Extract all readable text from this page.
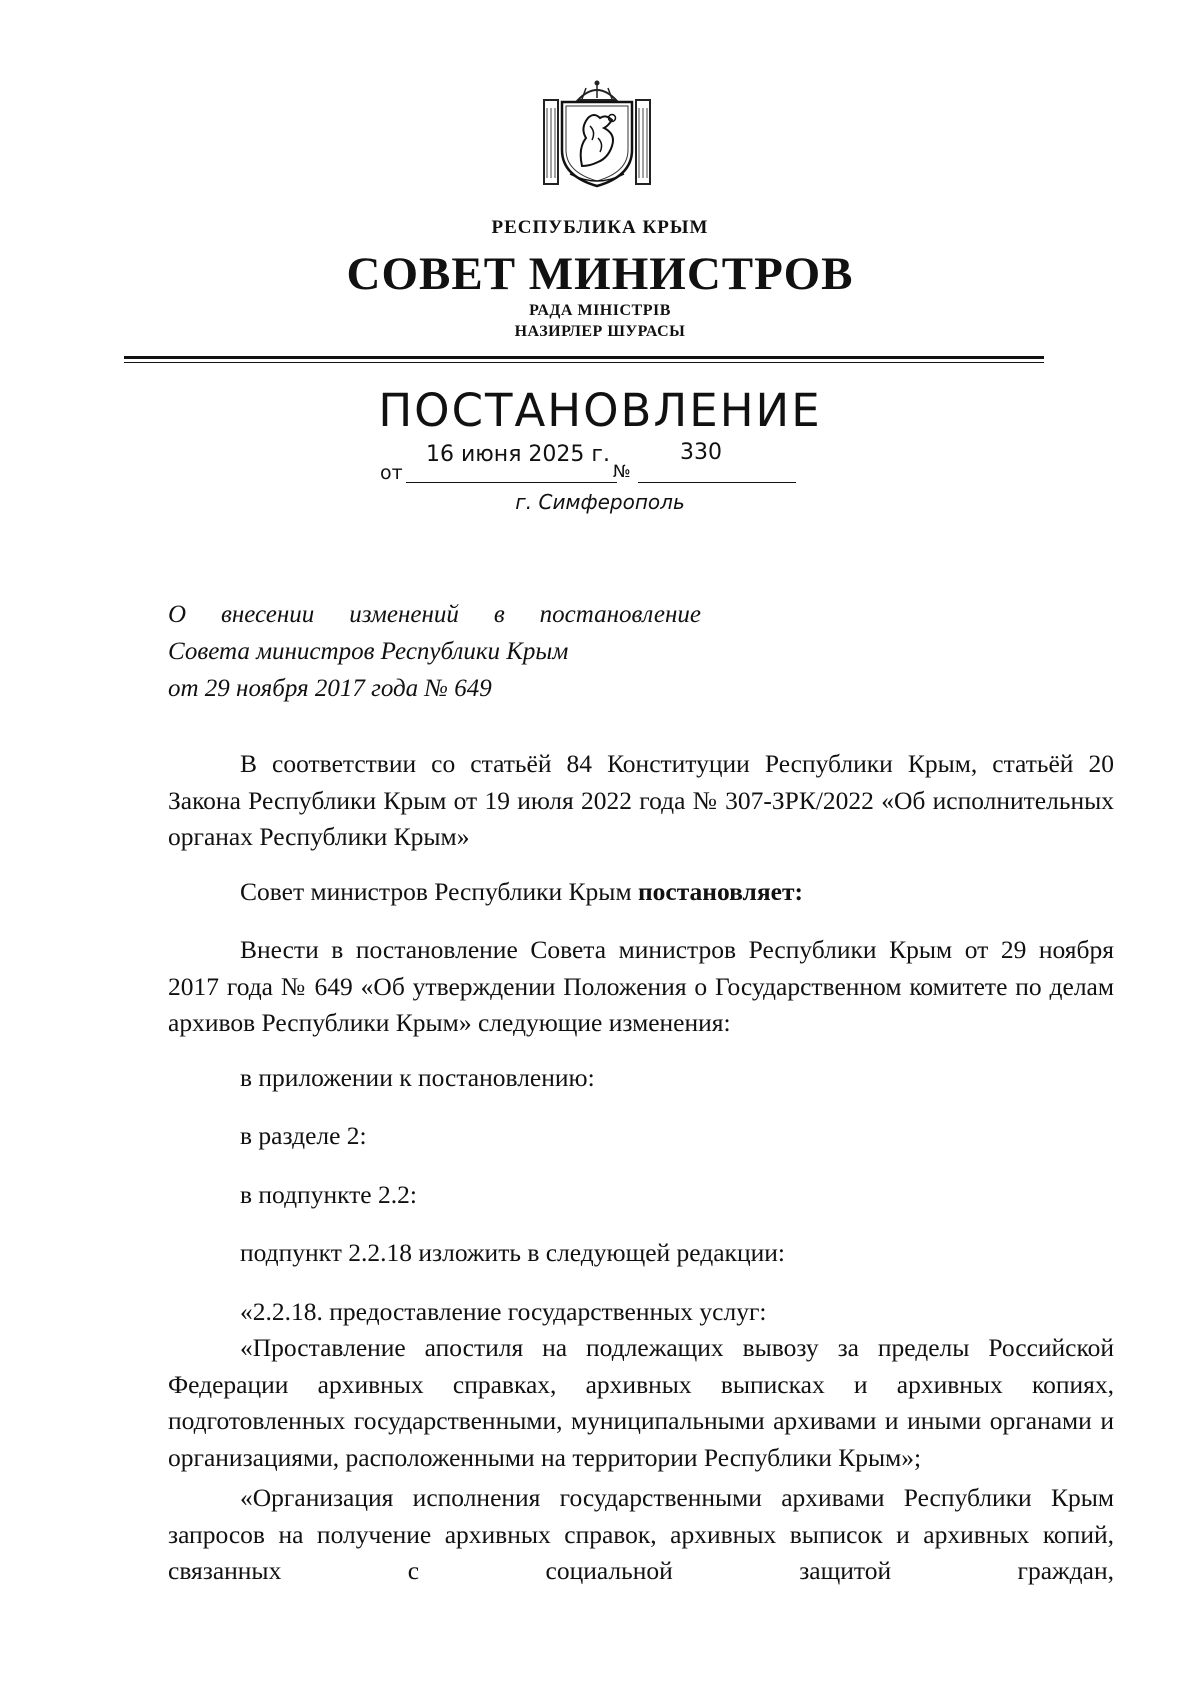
РЕСПУБЛИКА КРЫМ
СОВЕТ МИНИСТРОВ
РАДА МІНІСТРІВ
НАЗИРЛЕР ШУРАСЫ
ПОСТАНОВЛЕНИЕ
от
16 июня 2025 г.
№
330
г. Симферополь
О внесении изменений в постановление
Совета министров Республики Крым
от 29 ноября 2017 года № 649
В соответствии со статьёй 84 Конституции Республики Крым, статьёй 20 Закона Республики Крым от 19 июля 2022 года № 307-ЗРК/2022 «Об исполнительных органах Республики Крым»
Совет министров Республики Крым постановляет:
Внести в постановление Совета министров Республики Крым от 29 ноября 2017 года № 649 «Об утверждении Положения о Государственном комитете по делам архивов Республики Крым» следующие изменения:
в приложении к постановлению:
в разделе 2:
в подпункте 2.2:
подпункт 2.2.18 изложить в следующей редакции:
«2.2.18. предоставление государственных услуг:
«Проставление апостиля на подлежащих вывозу за пределы Российской Федерации архивных справках, архивных выписках и архивных копиях, подготовленных государственными, муниципальными архивами и иными органами и организациями, расположенными на территории Республики Крым»;
«Организация исполнения государственными архивами Республики Крым запросов на получение архивных справок, архивных выписок и архивных копий, связанных с социальной защитой граждан,
